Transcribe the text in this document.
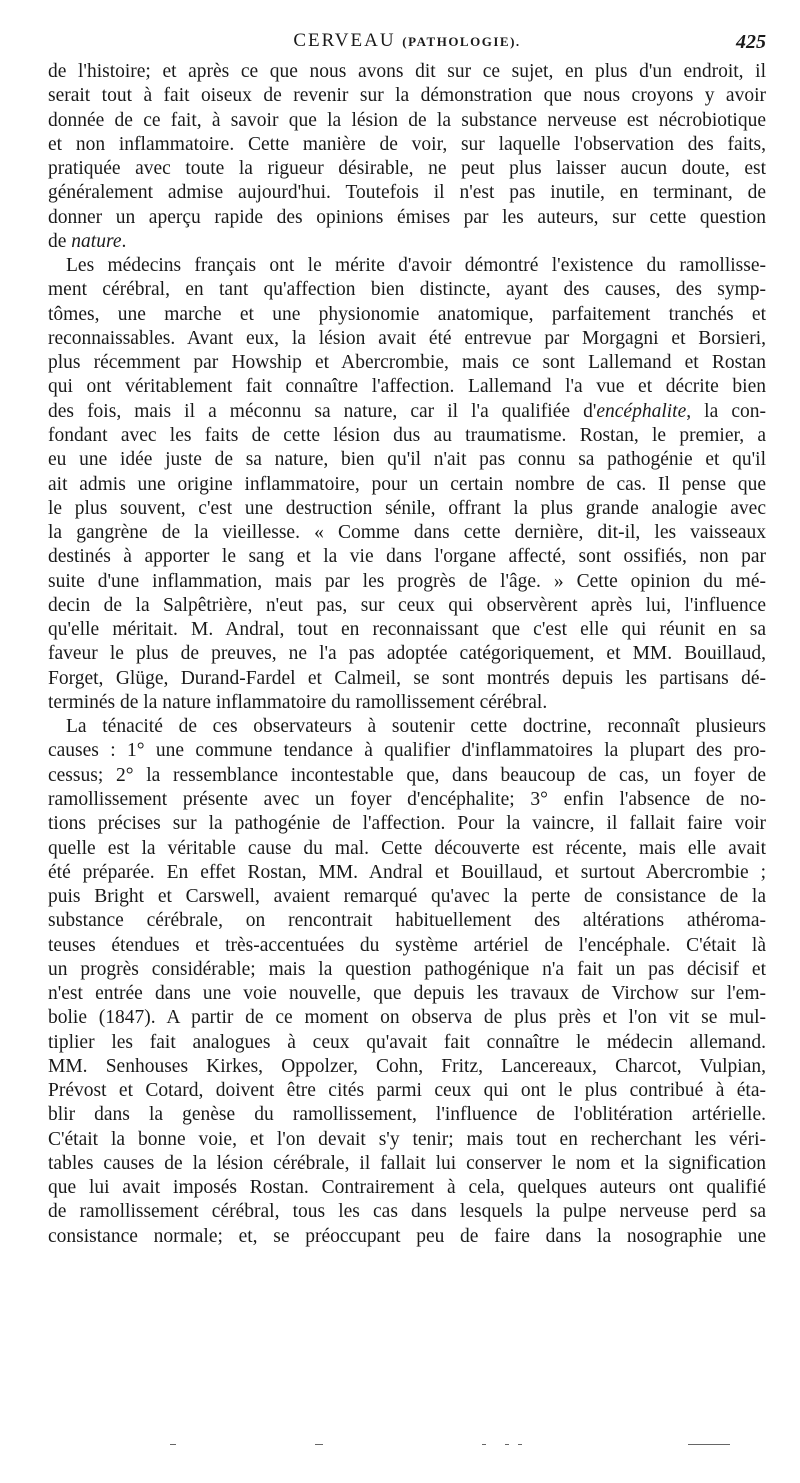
CERVEAU (PATHOLOGIE).	425
de l'histoire; et après ce que nous avons dit sur ce sujet, en plus d'un endroit, il
serait tout à fait oiseux de revenir sur la démonstration que nous croyons y avoir
donnée de ce fait, à savoir que la lésion de la substance nerveuse est nécrobiotique
et non inflammatoire. Cette manière de voir, sur laquelle l'observation des faits,
pratiquée avec toute la rigueur désirable, ne peut plus laisser aucun doute, est
généralement admise aujourd'hui. Toutefois il n'est pas inutile, en terminant, de
donner un aperçu rapide des opinions émises par les auteurs, sur cette question
de nature.
Les médecins français ont le mérite d'avoir démontré l'existence du ramollisse-
ment cérébral, en tant qu'affection bien distincte, ayant des causes, des symp-
tômes, une marche et une physionomie anatomique, parfaitement tranchés et
reconnaissables. Avant eux, la lésion avait été entrevue par Morgagni et Borsieri,
plus récemment par Howship et Abercrombie, mais ce sont Lallemand et Rostan
qui ont véritablement fait connaître l'affection. Lallemand l'a vue et décrite bien
des fois, mais il a méconnu sa nature, car il l'a qualifiée d'encéphalite, la con-
fondant avec les faits de cette lésion dus au traumatisme. Rostan, le premier, a
eu une idée juste de sa nature, bien qu'il n'ait pas connu sa pathogénie et qu'il
ait admis une origine inflammatoire, pour un certain nombre de cas. Il pense que
le plus souvent, c'est une destruction sénile, offrant la plus grande analogie avec
la gangrène de la vieillesse. « Comme dans cette dernière, dit-il, les vaisseaux
destinés à apporter le sang et la vie dans l'organe affecté, sont ossifiés, non par
suite d'une inflammation, mais par les progrès de l'âge. » Cette opinion du mé-
decin de la Salpêtrière, n'eut pas, sur ceux qui observèrent après lui, l'influence
qu'elle méritait. M. Andral, tout en reconnaissant que c'est elle qui réunit en sa
faveur le plus de preuves, ne l'a pas adoptée catégoriquement, et MM. Bouillaud,
Forget, Glüge, Durand-Fardel et Calmeil, se sont montrés depuis les partisans dé-
terminés de la nature inflammatoire du ramollissement cérébral.
La ténacité de ces observateurs à soutenir cette doctrine, reconnaît plusieurs
causes : 1° une commune tendance à qualifier d'inflammatoires la plupart des pro-
cessus; 2° la ressemblance incontestable que, dans beaucoup de cas, un foyer de
ramollissement présente avec un foyer d'encéphalite; 3° enfin l'absence de no-
tions précises sur la pathogénie de l'affection. Pour la vaincre, il fallait faire voir
quelle est la véritable cause du mal. Cette découverte est récente, mais elle avait
été préparée. En effet Rostan, MM. Andral et Bouillaud, et surtout Abercrombie ;
puis Bright et Carswell, avaient remarqué qu'avec la perte de consistance de la
substance cérébrale, on rencontrait habituellement des altérations athéroma-
teuses étendues et très-accentuées du système artériel de l'encéphale. C'était là
un progrès considérable; mais la question pathogénique n'a fait un pas décisif et
n'est entrée dans une voie nouvelle, que depuis les travaux de Virchow sur l'em-
bolie (1847). A partir de ce moment on observa de plus près et l'on vit se mul-
tiplier les fait analogues à ceux qu'avait fait connaître le médecin allemand.
MM. Senhouses Kirkes, Oppolzer, Cohn, Fritz, Lancereaux, Charcot, Vulpian,
Prévost et Cotard, doivent être cités parmi ceux qui ont le plus contribué à éta-
blir dans la genèse du ramollissement, l'influence de l'oblitération artérielle.
C'était la bonne voie, et l'on devait s'y tenir; mais tout en recherchant les véri-
tables causes de la lésion cérébrale, il fallait lui conserver le nom et la signification
que lui avait imposés Rostan. Contrairement à cela, quelques auteurs ont qualifié
de ramollissement cérébral, tous les cas dans lesquels la pulpe nerveuse perd sa
consistance normale; et, se préoccupant peu de faire dans la nosographie une
